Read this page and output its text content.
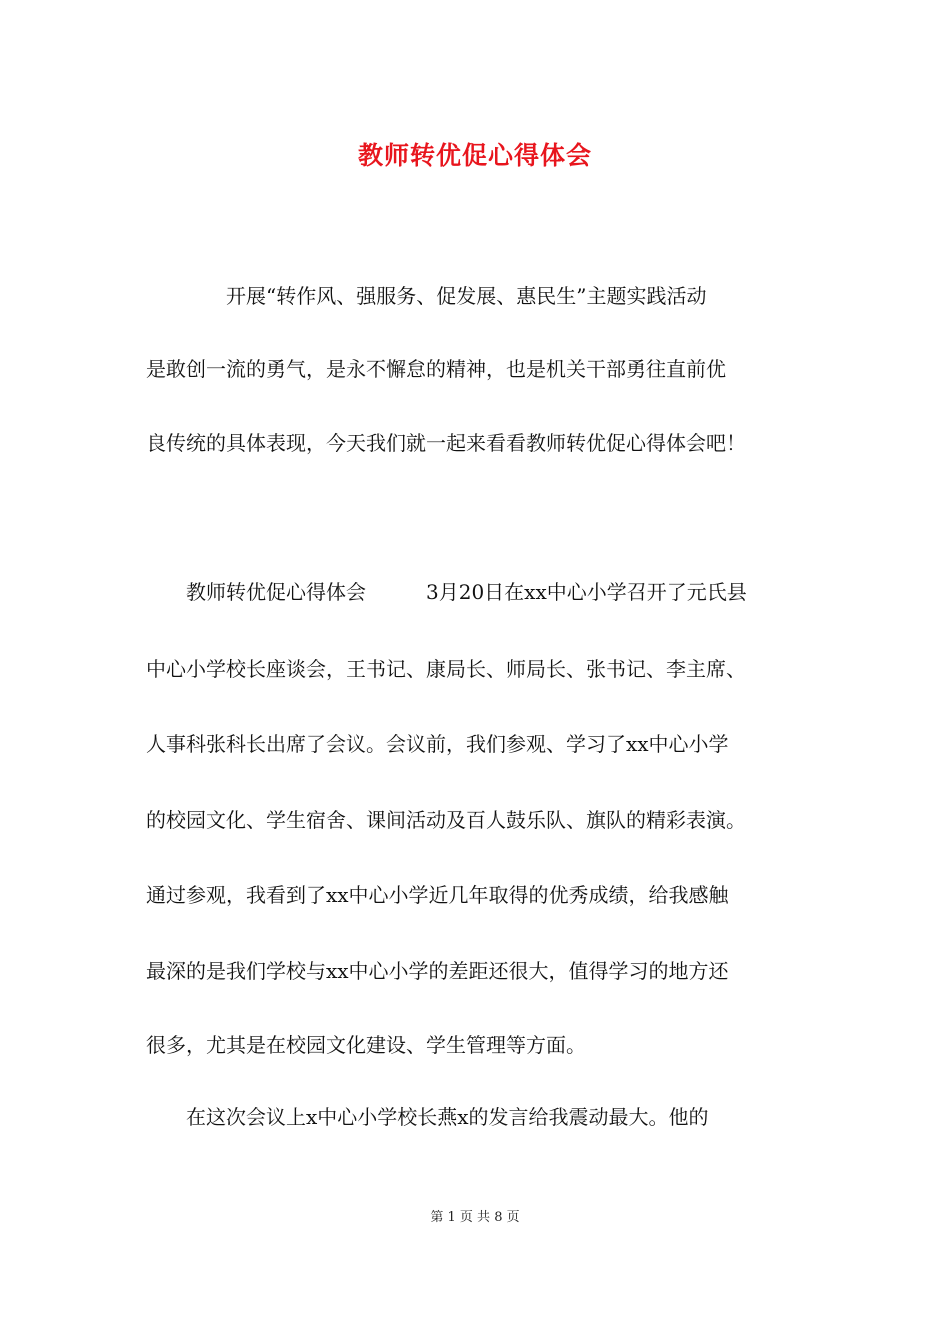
教师转优促心得体会

　　　　开展“转作风、强服务、促发展、惠民生”主题实践活动

是敢创一流的勇气，是永不懈怠的精神，也是机关干部勇往直前优

良传统的具体表现，今天我们就一起来看看教师转优促心得体会吧！

　　教师转优促心得体会　　　3月20日在xx中心小学召开了元氏县

中心小学校长座谈会，王书记、康局长、师局长、张书记、李主席、

人事科张科长出席了会议。会议前，我们参观、学习了xx中心小学

的校园文化、学生宿舍、课间活动及百人鼓乐队、旗队的精彩表演。

通过参观，我看到了xx中心小学近几年取得的优秀成绩，给我感触

最深的是我们学校与xx中心小学的差距还很大，值得学习的地方还

很多，尤其是在校园文化建设、学生管理等方面。

　　在这次会议上x中心小学校长燕x的发言给我震动最大。他的

第 1 页 共 8 页
